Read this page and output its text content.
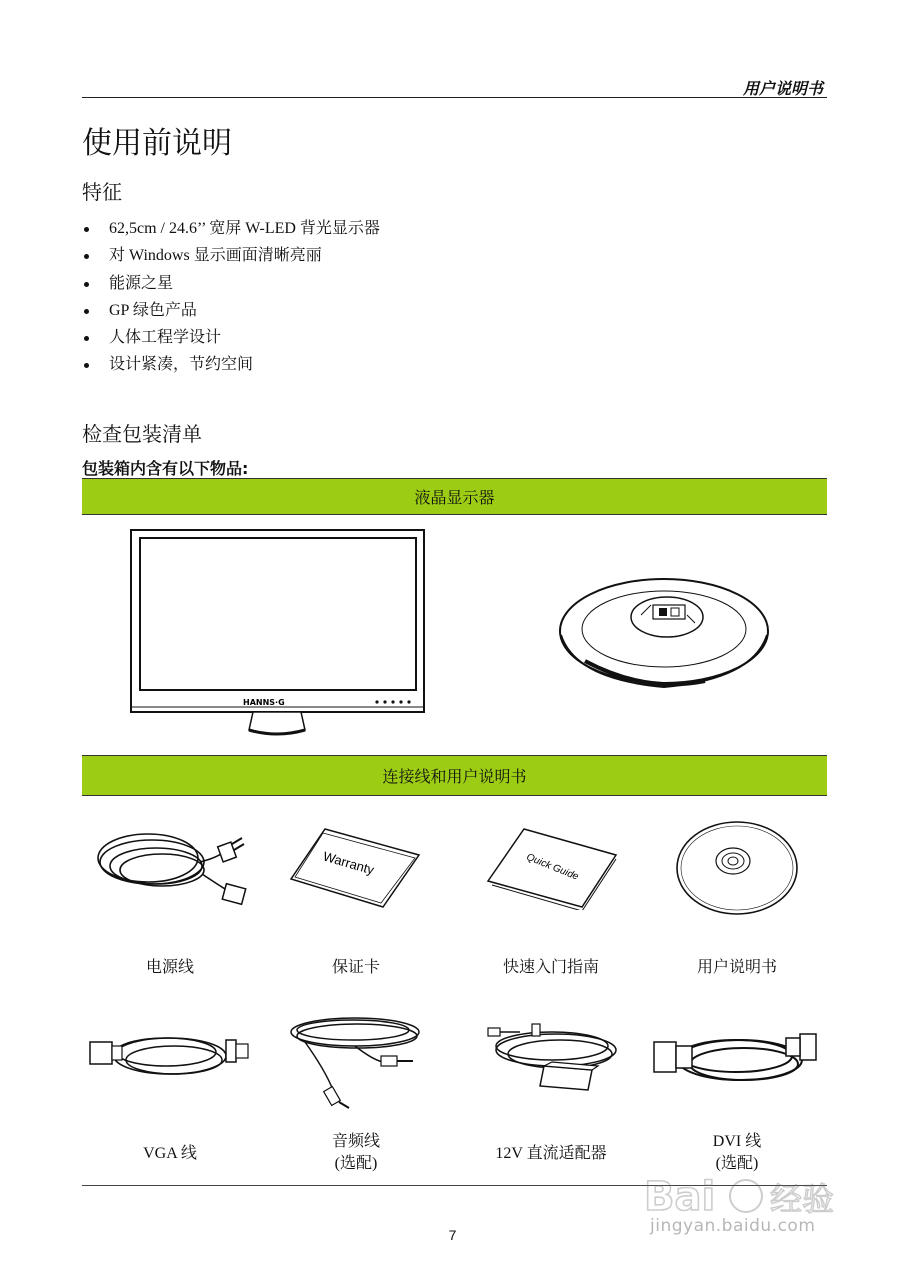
用户说明书
使用前说明
特征
62,5cm / 24.6’’ 宽屏 W-LED 背光显示器
对 Windows 显示画面清晰亮丽
能源之星
GP 绿色产品
人体工程学设计
设计紧凑，节约空间
检查包装清单
包装箱内含有以下物品:
液晶显示器
HANNS·G
连接线和用户说明书
Warranty	Quick Guide
电源线	保证卡	快速入门指南	用户说明书
VGA 线
音频线
(选配)
12V 直流适配器
DVI 线
(选配)
7
Bai 经验
jingyan.baidu.com
